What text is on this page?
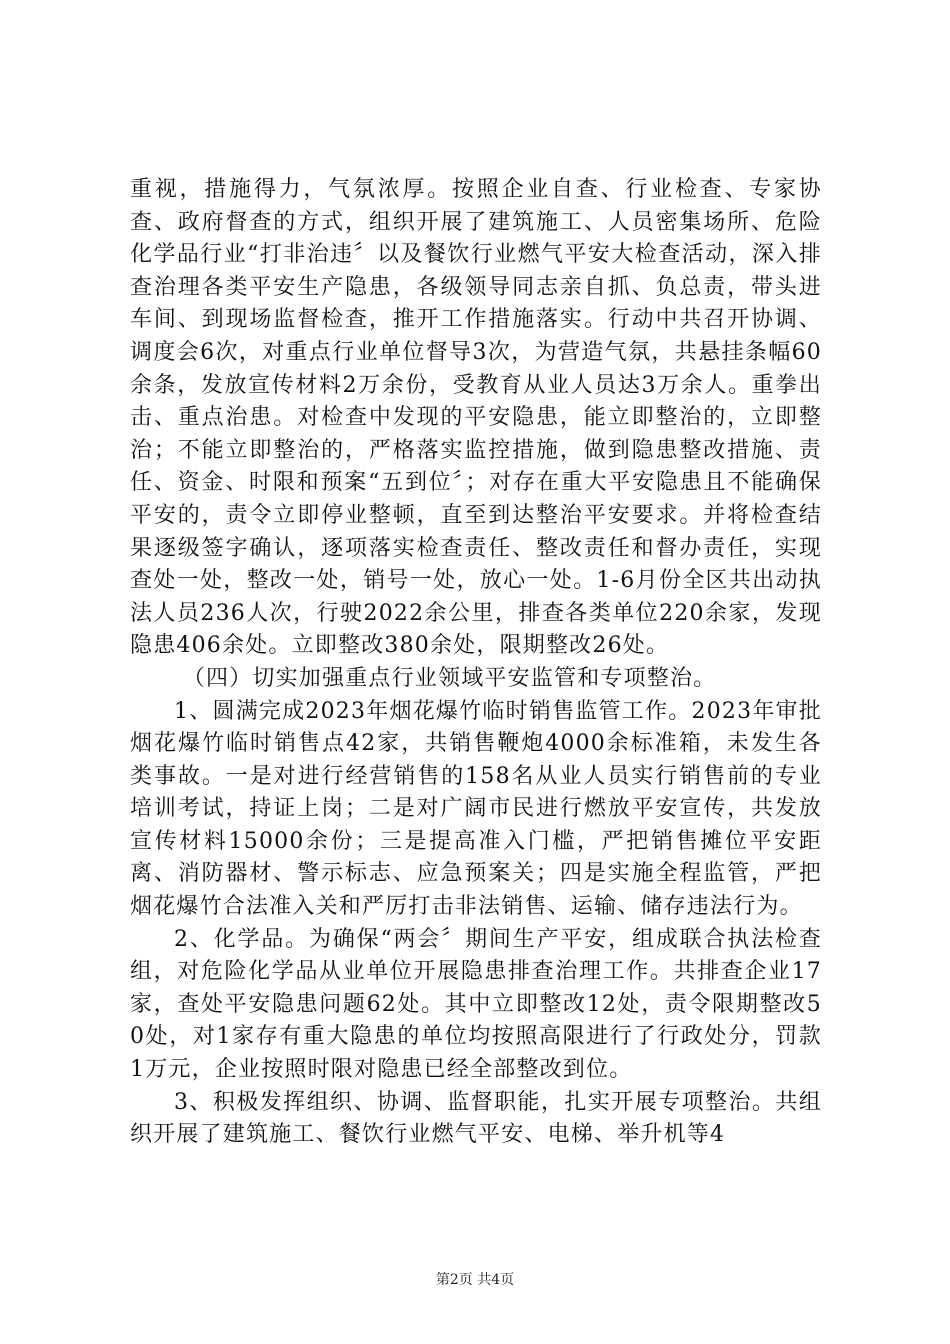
重视，措施得力，气氛浓厚。按照企业自查、行业检查、专家协查、政府督查的方式，组织开展了建筑施工、人员密集场所、危险化学品行业“打非治违〞以及餐饮行业燃气平安大检查活动，深入排查治理各类平安生产隐患，各级领导同志亲自抓、负总责，带头进车间、到现场监督检查，推开工作措施落实。行动中共召开协调、调度会6次，对重点行业单位督导3次，为营造气氛，共悬挂条幅60余条，发放宣传材料2万余份，受教育从业人员达3万余人。重拳出击、重点治患。对检查中发现的平安隐患，能立即整治的，立即整治；不能立即整治的，严格落实监控措施，做到隐患整改措施、责任、资金、时限和预案“五到位〞；对存在重大平安隐患且不能确保平安的，责令立即停业整顿，直至到达整治平安要求。并将检查结果逐级签字确认，逐项落实检查责任、整改责任和督办责任，实现查处一处，整改一处，销号一处，放心一处。1-6月份全区共出动执法人员236人次，行驶2022余公里，排查各类单位220余家，发现隐患406余处。立即整改380余处，限期整改26处。

（四）切实加强重点行业领域平安监管和专项整治。

1、圆满完成2023年烟花爆竹临时销售监管工作。2023年审批烟花爆竹临时销售点42家，共销售鞭炮4000余标准箱，未发生各类事故。一是对进行经营销售的158名从业人员实行销售前的专业培训考试，持证上岗；二是对广阔市民进行燃放平安宣传，共发放宣传材料15000余份；三是提高准入门槛，严把销售摊位平安距离、消防器材、警示标志、应急预案关；四是实施全程监管，严把烟花爆竹合法准入关和严厉打击非法销售、运输、储存违法行为。

2、化学品。为确保“两会〞期间生产平安，组成联合执法检查组，对危险化学品从业单位开展隐患排查治理工作。共排查企业17家，查处平安隐患问题62处。其中立即整改12处，责令限期整改50处，对1家存有重大隐患的单位均按照高限进行了行政处分，罚款1万元，企业按照时限对隐患已经全部整改到位。

3、积极发挥组织、协调、监督职能，扎实开展专项整治。共组织开展了建筑施工、餐饮行业燃气平安、电梯、举升机等4

第2页 共4页
